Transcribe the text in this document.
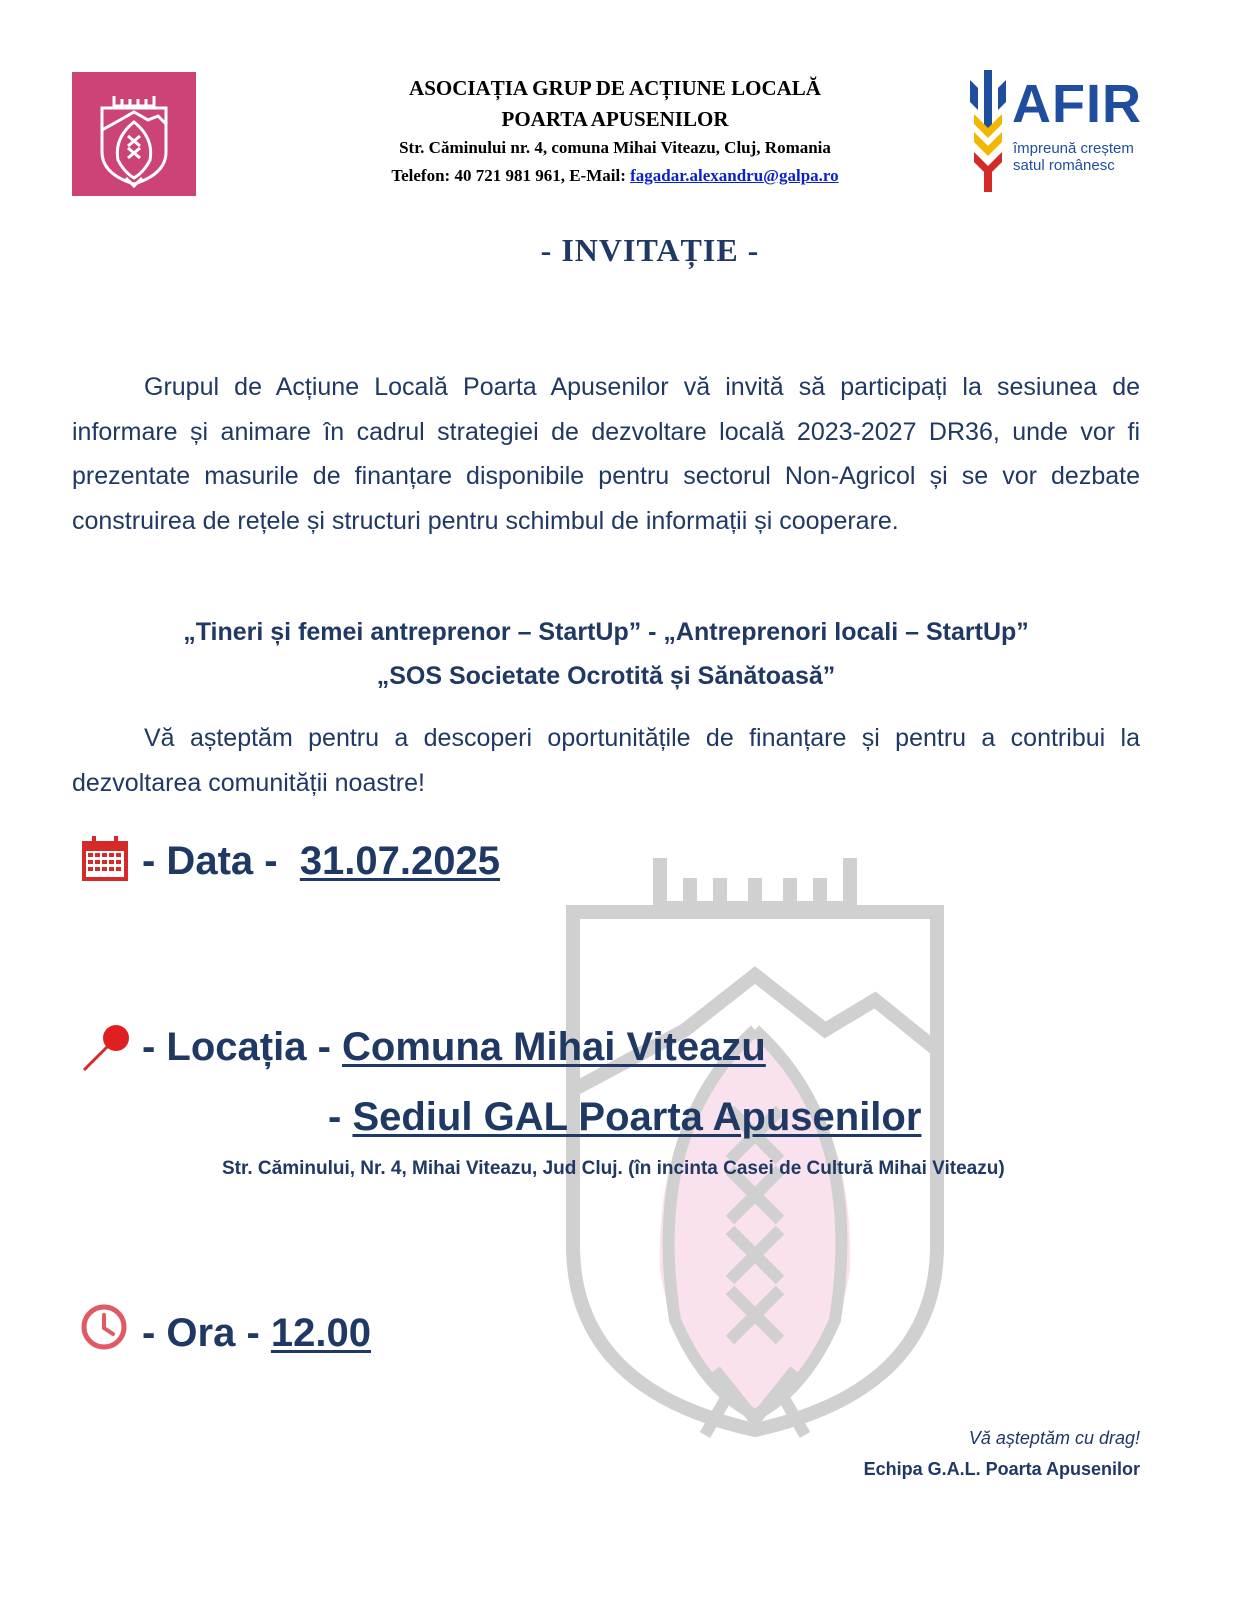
ASOCIAȚIA GRUP DE ACȚIUNE LOCALĂ
POARTA APUSENILOR
Str. Căminului nr. 4, comuna Mihai Viteazu, Cluj, Romania
Telefon: 40 721 981 961, E-Mail: fagadar.alexandru@galpa.ro
AFIR
împreună creștem
satul românesc
- INVITAȚIE -
Grupul de Acțiune Locală Poarta Apusenilor vă invită să participați la sesiunea de informare și animare în cadrul strategiei de dezvoltare locală 2023-2027 DR36, unde vor fi prezentate masurile de finanțare disponibile pentru sectorul Non-Agricol și se vor dezbate construirea de rețele și structuri pentru schimbul de informații și cooperare.
„Tineri și femei antreprenor – StartUp” - „Antreprenori locali – StartUp”
„SOS Societate Ocrotită și Sănătoasă”
Vă așteptăm pentru a descoperi oportunitățile de finanțare și pentru a contribui la dezvoltarea comunității noastre!
- Data -  31.07.2025
- Locația - Comuna Mihai Viteazu
- Sediul GAL Poarta Apusenilor
Str. Căminului, Nr. 4, Mihai Viteazu, Jud Cluj. (în incinta Casei de Cultură Mihai Viteazu)
- Ora - 12.00
Vă așteptăm cu drag!
Echipa G.A.L. Poarta Apusenilor
